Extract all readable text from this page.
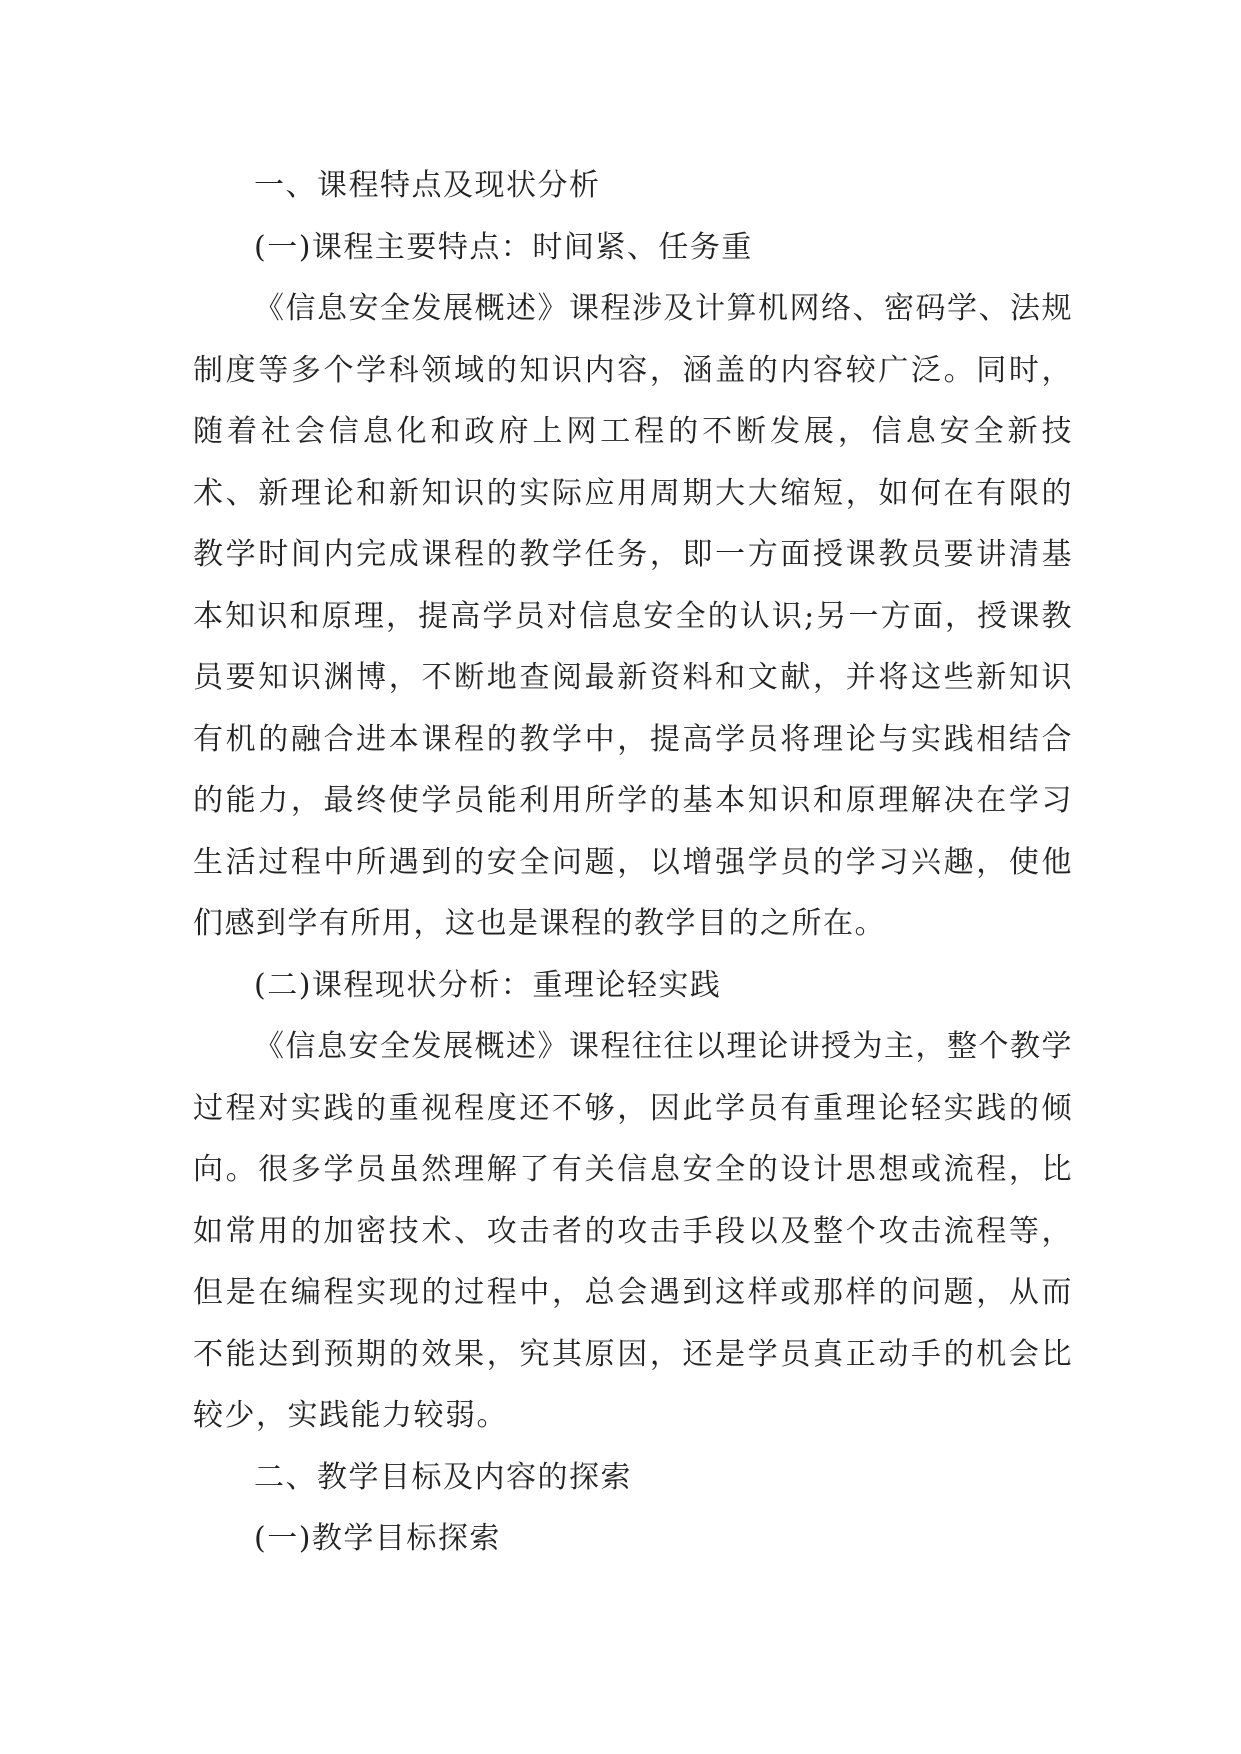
一、课程特点及现状分析

(一)课程主要特点：时间紧、任务重

《信息安全发展概述》课程涉及计算机网络、密码学、法规制度等多个学科领域的知识内容，涵盖的内容较广泛。同时，随着社会信息化和政府上网工程的不断发展，信息安全新技术、新理论和新知识的实际应用周期大大缩短，如何在有限的教学时间内完成课程的教学任务，即一方面授课教员要讲清基本知识和原理，提高学员对信息安全的认识;另一方面，授课教员要知识渊博，不断地查阅最新资料和文献，并将这些新知识有机的融合进本课程的教学中，提高学员将理论与实践相结合的能力，最终使学员能利用所学的基本知识和原理解决在学习生活过程中所遇到的安全问题，以增强学员的学习兴趣，使他们感到学有所用，这也是课程的教学目的之所在。

(二)课程现状分析：重理论轻实践

《信息安全发展概述》课程往往以理论讲授为主，整个教学过程对实践的重视程度还不够，因此学员有重理论轻实践的倾向。很多学员虽然理解了有关信息安全的设计思想或流程，比如常用的加密技术、攻击者的攻击手段以及整个攻击流程等，但是在编程实现的过程中，总会遇到这样或那样的问题，从而不能达到预期的效果，究其原因，还是学员真正动手的机会比较少，实践能力较弱。

二、教学目标及内容的探索

(一)教学目标探索
